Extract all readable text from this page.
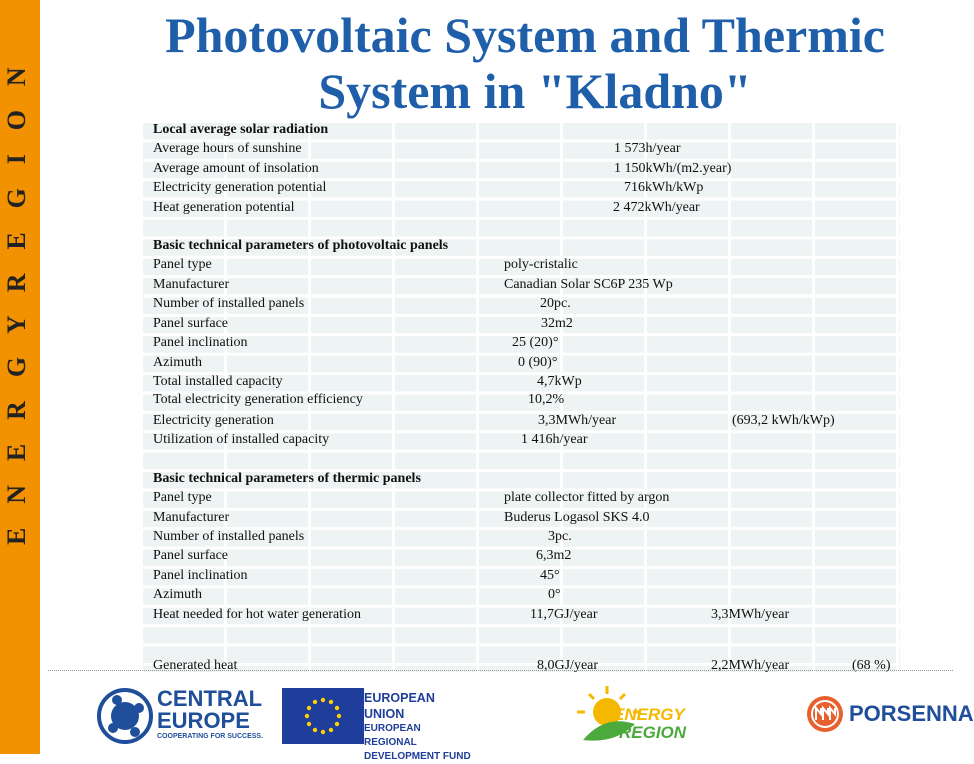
E N E R G Y R E G I O N
Photovoltaic System and Thermic
System in "Kladno"
Local average solar radiation
Average hours of sunshine	1 573h/year
Average amount of insolation	1 150kWh/(m2.year)
Electricity generation potential	716kWh/kWp
Heat generation potential	2 472kWh/year
Basic technical parameters of photovoltaic panels
Panel type	poly-cristalic
Manufacturer	Canadian Solar SC6P 235 Wp
Number of installed panels	20pc.
Panel surface	32m2
Panel inclination	25 (20)°
Azimuth	0 (90)°
Total installed capacity	4,7kWp
Total electricity generation efficiency	10,2%
Electricity generation	3,3MWh/year	(693,2 kWh/kWp)
Utilization of installed capacity	1 416h/year
Basic technical parameters of thermic panels
Panel type	plate collector fitted by argon
Manufacturer	Buderus Logasol SKS 4.0
Number of installed panels	3pc.
Panel surface	6,3m2
Panel inclination	45°
Azimuth	0°
Heat needed for hot water generation	11,7GJ/year	3,3MWh/year
Generated heat	8,0GJ/year	2,2MWh/year	(68 %)
CENTRAL
EUROPE
COOPERATING FOR SUCCESS.
EUROPEAN UNION
EUROPEAN REGIONAL
DEVELOPMENT FUND
ENERGY
REGION
PORSENNA
